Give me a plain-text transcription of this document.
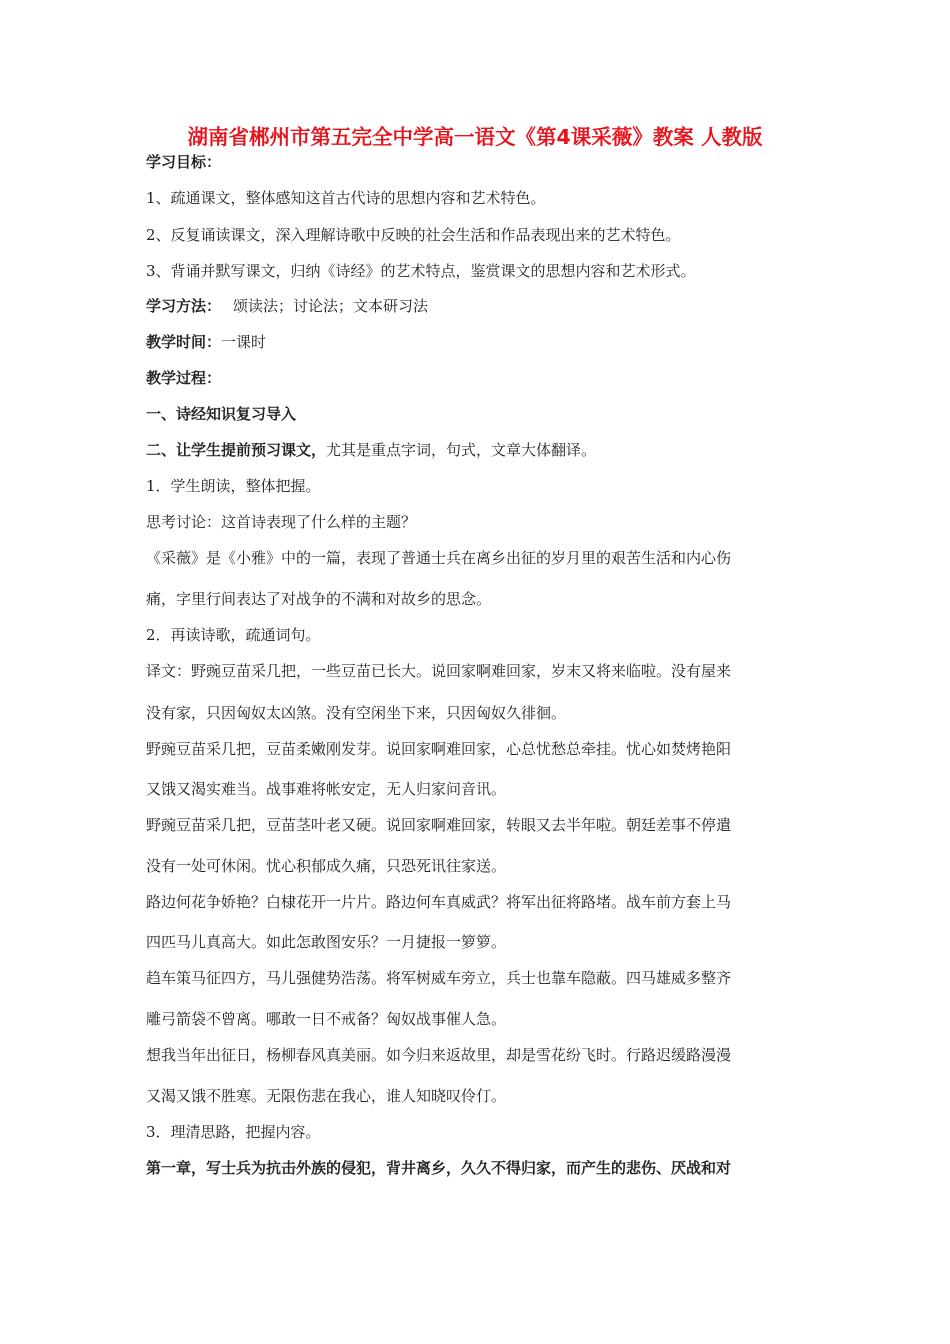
湖南省郴州市第五完全中学高一语文《第4课采薇》教案 人教版
学习目标：
1、疏通课文，整体感知这首古代诗的思想内容和艺术特色。
2、反复诵读课文，深入理解诗歌中反映的社会生活和作品表现出来的艺术特色。
3、背诵并默写课文，归纳《诗经》的艺术特点，鉴赏课文的思想内容和艺术形式。
学习方法： 颂读法；讨论法；文本研习法
教学时间：一课时
教学过程：
一、诗经知识复习导入
二、让学生提前预习课文，尤其是重点字词，句式，文章大体翻译。
1．学生朗读，整体把握。
思考讨论：这首诗表现了什么样的主题？
《采薇》是《小雅》中的一篇，表现了普通士兵在离乡出征的岁月里的艰苦生活和内心伤
痛，字里行间表达了对战争的不满和对故乡的思念。
2．再读诗歌，疏通词句。
译文：野豌豆苗采几把，一些豆苗已长大。说回家啊难回家，岁末又将来临啦。没有屋来
没有家，只因匈奴太凶煞。没有空闲坐下来，只因匈奴久徘徊。
野豌豆苗采几把，豆苗柔嫩刚发芽。说回家啊难回家，心总忧愁总牵挂。忧心如焚烤艳阳
又饿又渴实难当。战事难将帐安定，无人归家问音讯。
野豌豆苗采几把，豆苗茎叶老又硬。说回家啊难回家，转眼又去半年啦。朝廷差事不停遣
没有一处可休闲。忧心积郁成久痛，只恐死讯往家送。
路边何花争娇艳？白棣花开一片片。路边何车真威武？将军出征将路堵。战车前方套上马
四匹马儿真高大。如此怎敢图安乐？一月捷报一箩箩。
趋车策马征四方，马儿强健势浩荡。将军树威车旁立，兵士也靠车隐蔽。四马雄威多整齐
雕弓箭袋不曾离。哪敢一日不戒备？匈奴战事催人急。
想我当年出征日，杨柳春风真美丽。如今归来返故里，却是雪花纷飞时。行路迟缓路漫漫
又渴又饿不胜寒。无限伤悲在我心，谁人知晓叹伶仃。
3．理清思路，把握内容。
第一章，写士兵为抗击外族的侵犯，背井离乡，久久不得归家，而产生的悲伤、厌战和对
